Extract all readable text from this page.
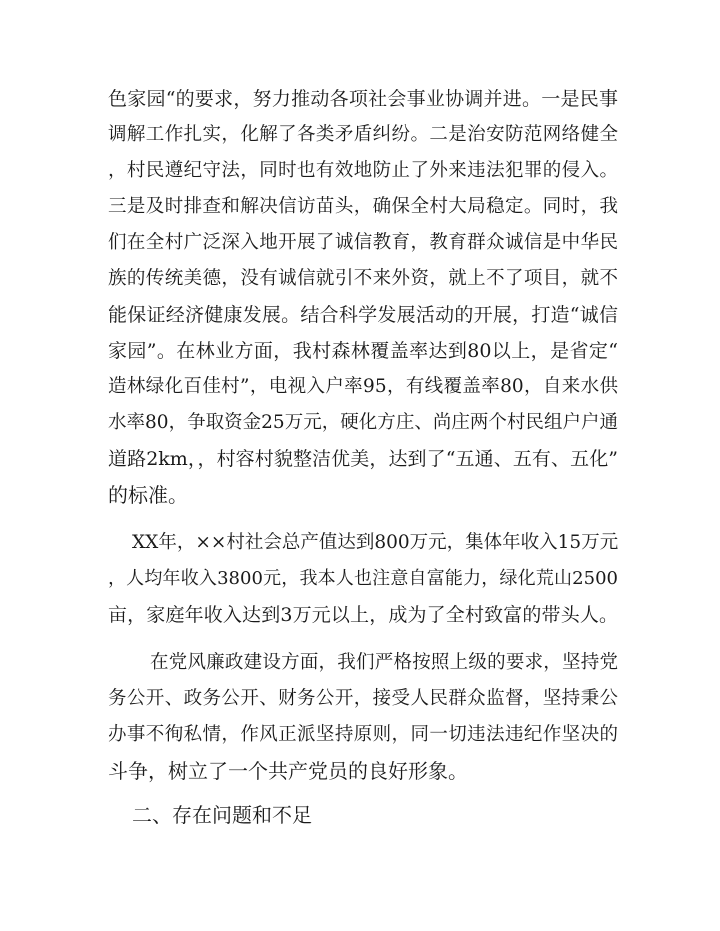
色家园“的要求，努力推动各项社会事业协调并进。一是民事
调解工作扎实，化解了各类矛盾纠纷。二是治安防范网络健全
，村民遵纪守法，同时也有效地防止了外来违法犯罪的侵入。
三是及时排查和解决信访苗头，确保全村大局稳定。同时，我
们在全村广泛深入地开展了诚信教育，教育群众诚信是中华民
族的传统美德，没有诚信就引不来外资，就上不了项目，就不
能保证经济健康发展。结合科学发展活动的开展，打造“诚信
家园”。在林业方面，我村森林覆盖率达到80以上，是省定“
造林绿化百佳村”，电视入户率95，有线覆盖率80，自来水供
水率80，争取资金25万元，硬化方庄、尚庄两个村民组户户通
道路2km，，村容村貌整洁优美，达到了“五通、五有、五化”
的标准。
XX年，××村社会总产值达到800万元，集体年收入15万元
，人均年收入3800元，我本人也注意自富能力，绿化荒山2500
亩，家庭年收入达到3万元以上，成为了全村致富的带头人。
在党风廉政建设方面，我们严格按照上级的要求，坚持党
务公开、政务公开、财务公开，接受人民群众监督，坚持秉公
办事不徇私情，作风正派坚持原则，同一切违法违纪作坚决的
斗争，树立了一个共产党员的良好形象。
二、存在问题和不足
